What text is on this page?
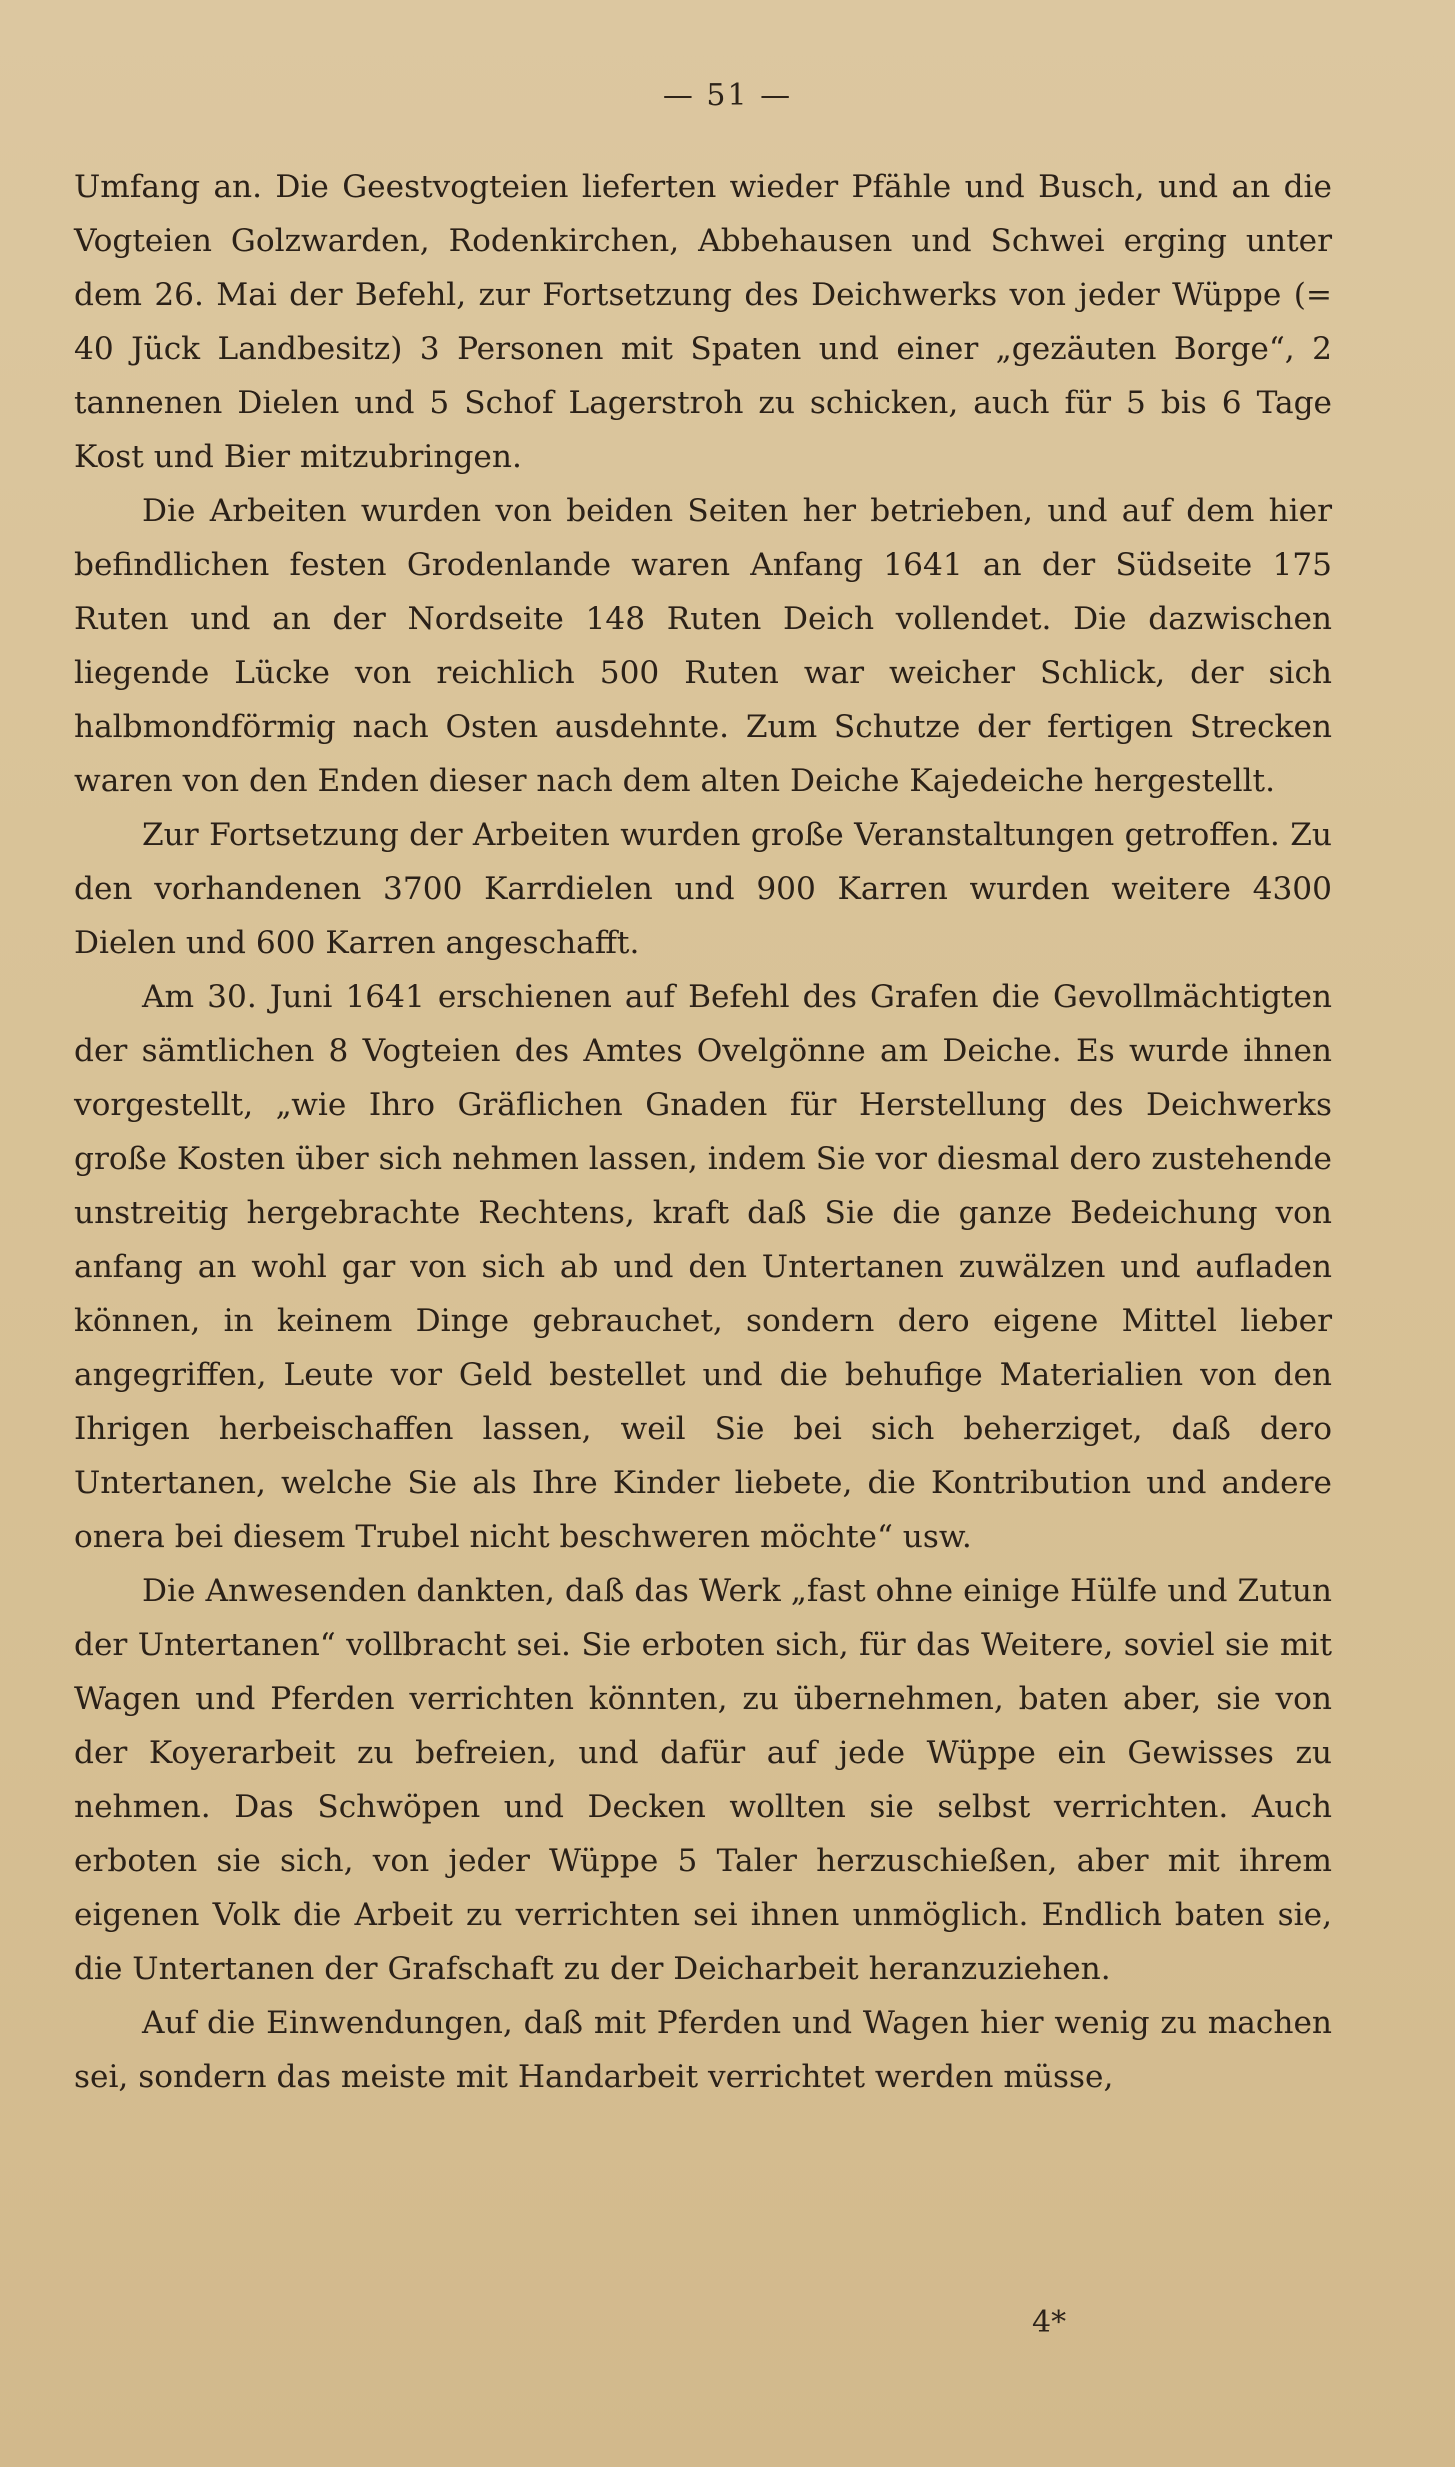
— 51 —

Umfang an. Die Geestvogteien lieferten wieder Pfähle und Busch, und an die Vogteien Golzwarden, Rodenkirchen, Abbehausen und Schwei erging unter dem 26. Mai der Befehl, zur Fortsetzung des Deichwerks von jeder Wüppe (= 40 Jück Landbesitz) 3 Personen mit Spaten und einer „gezäuten Borge“, 2 tannenen Dielen und 5 Schof Lagerstroh zu schicken, auch für 5 bis 6 Tage Kost und Bier mitzubringen.

Die Arbeiten wurden von beiden Seiten her betrieben, und auf dem hier befindlichen festen Grodenlande waren Anfang 1641 an der Südseite 175 Ruten und an der Nordseite 148 Ruten Deich vollendet. Die dazwischen liegende Lücke von reichlich 500 Ruten war weicher Schlick, der sich halbmondförmig nach Osten ausdehnte. Zum Schutze der fertigen Strecken waren von den Enden dieser nach dem alten Deiche Kajedeiche hergestellt.

Zur Fortsetzung der Arbeiten wurden große Veranstaltungen getroffen. Zu den vorhandenen 3700 Karrdielen und 900 Karren wurden weitere 4300 Dielen und 600 Karren angeschafft.

Am 30. Juni 1641 erschienen auf Befehl des Grafen die Gevollmächtigten der sämtlichen 8 Vogteien des Amtes Ovelgönne am Deiche. Es wurde ihnen vorgestellt, „wie Ihro Gräflichen Gnaden für Herstellung des Deichwerks große Kosten über sich nehmen lassen, indem Sie vor diesmal dero zustehende unstreitig hergebrachte Rechtens, kraft daß Sie die ganze Bedeichung von anfang an wohl gar von sich ab und den Untertanen zuwälzen und aufladen können, in keinem Dinge gebrauchet, sondern dero eigene Mittel lieber angegriffen, Leute vor Geld bestellet und die behufige Materialien von den Ihrigen herbeischaffen lassen, weil Sie bei sich beherziget, daß dero Untertanen, welche Sie als Ihre Kinder liebete, die Kontribution und andere onera bei diesem Trubel nicht beschweren möchte“ usw.

Die Anwesenden dankten, daß das Werk „fast ohne einige Hülfe und Zutun der Untertanen“ vollbracht sei. Sie erboten sich, für das Weitere, soviel sie mit Wagen und Pferden verrichten könnten, zu übernehmen, baten aber, sie von der Koyerarbeit zu befreien, und dafür auf jede Wüppe ein Gewisses zu nehmen. Das Schwöpen und Decken wollten sie selbst verrichten. Auch erboten sie sich, von jeder Wüppe 5 Taler herzuschießen, aber mit ihrem eigenen Volk die Arbeit zu verrichten sei ihnen unmöglich. Endlich baten sie, die Untertanen der Grafschaft zu der Deicharbeit heranzuziehen.

Auf die Einwendungen, daß mit Pferden und Wagen hier wenig zu machen sei, sondern das meiste mit Handarbeit verrichtet werden müsse,

4*
